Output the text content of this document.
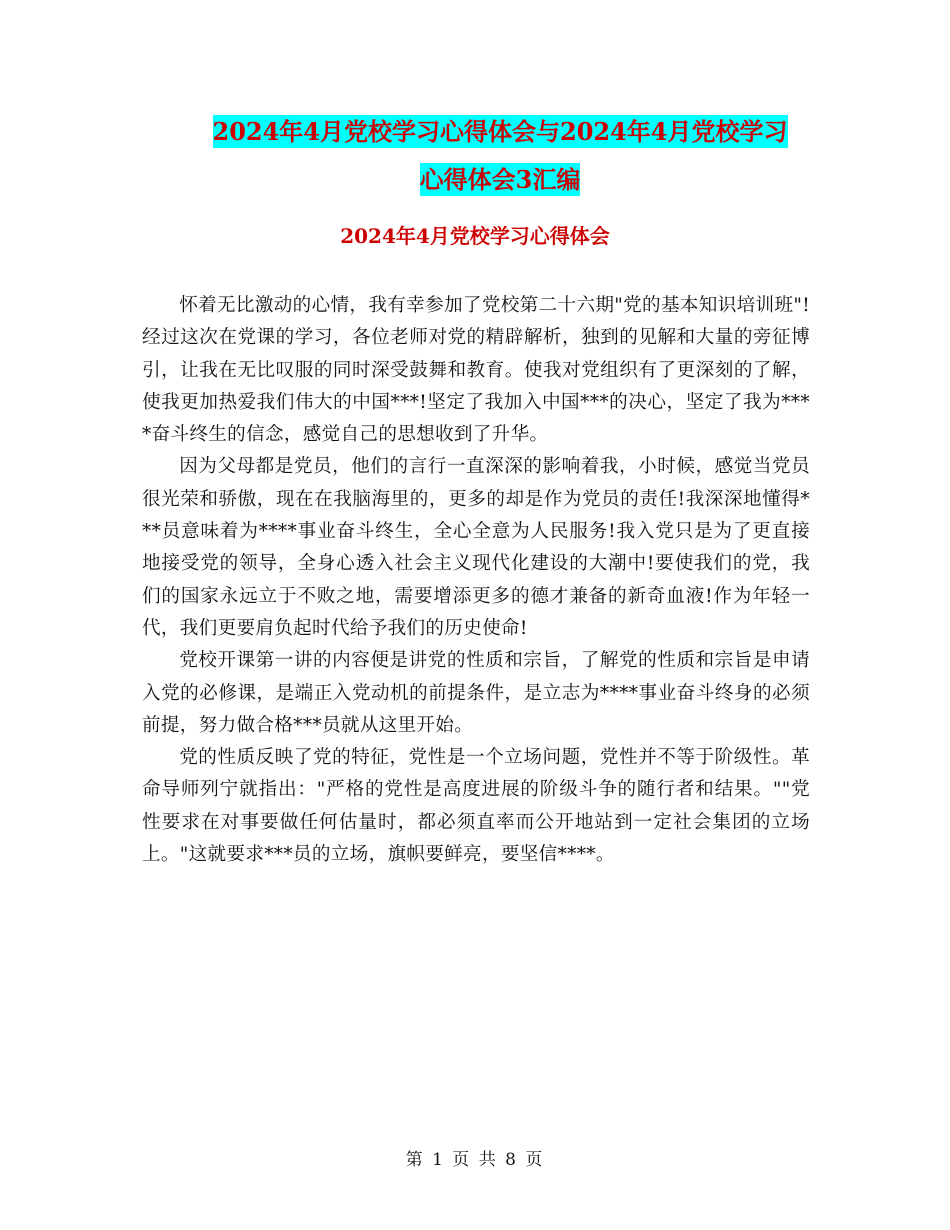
2024年4月党校学习心得体会与2024年4月党校学习
心得体会3汇编
2024年4月党校学习心得体会

怀着无比激动的心情，我有幸参加了党校第二十六期"党的基本知识培训班"!经过这次在党课的学习，各位老师对党的精辟解析，独到的见解和大量的旁征博引，让我在无比叹服的同时深受鼓舞和教育。使我对党组织有了更深刻的了解，使我更加热爱我们伟大的中国***!坚定了我加入中国***的决心，坚定了我为****奋斗终生的信念，感觉自己的思想收到了升华。

因为父母都是党员，他们的言行一直深深的影响着我，小时候，感觉当党员很光荣和骄傲，现在在我脑海里的，更多的却是作为党员的责任!我深深地懂得***员意味着为****事业奋斗终生，全心全意为人民服务!我入党只是为了更直接地接受党的领导，全身心透入社会主义现代化建设的大潮中!要使我们的党，我们的国家永远立于不败之地，需要增添更多的德才兼备的新奇血液!作为年轻一代，我们更要肩负起时代给予我们的历史使命!

党校开课第一讲的内容便是讲党的性质和宗旨，了解党的性质和宗旨是申请入党的必修课，是端正入党动机的前提条件，是立志为****事业奋斗终身的必须前提，努力做合格***员就从这里开始。

党的性质反映了党的特征，党性是一个立场问题，党性并不等于阶级性。革命导师列宁就指出："严格的党性是高度进展的阶级斗争的随行者和结果。""党性要求在对事要做任何估量时，都必须直率而公开地站到一定社会集团的立场上。"这就要求***员的立场，旗帜要鲜亮，要坚信****。

第 1 页 共 8 页
